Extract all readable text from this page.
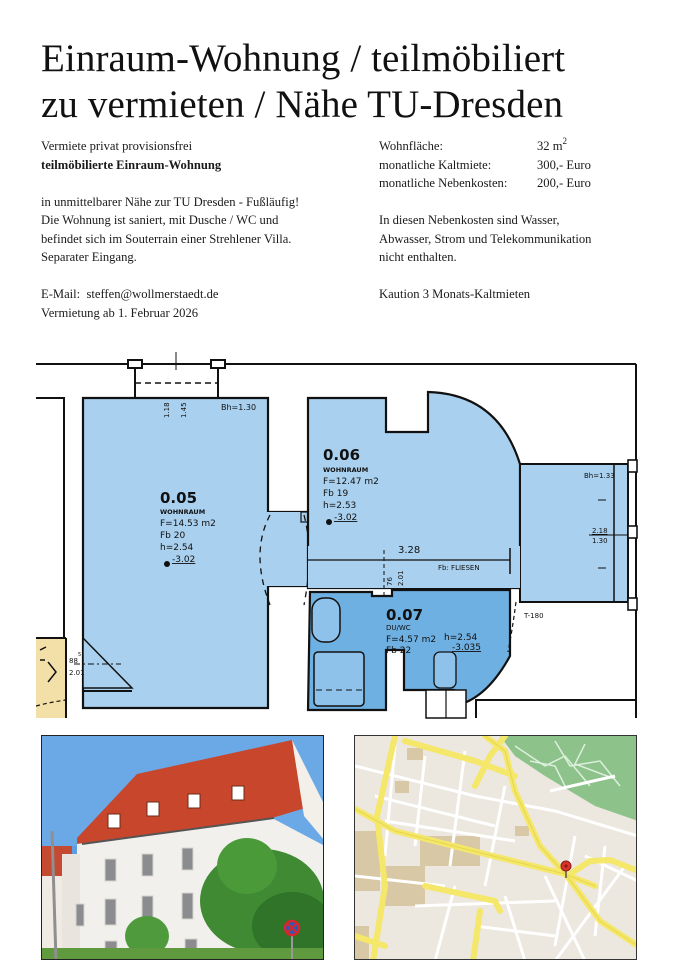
Einraum-Wohnung / teilmöbiliert
zu vermieten / Nähe TU-Dresden
Vermiete privat provisionsfrei
teilmöbilierte Einraum-Wohnung
in unmittelbarer Nähe zur TU Dresden - Fußläufig!
Die Wohnung ist saniert, mit Dusche / WC und
befindet sich im Souterrain einer Strehlener Villa.
Separater Eingang.
E-Mail: steffen@wollmerstaedt.de
Vermietung ab 1. Februar 2026
Wohnfläche:	32 $m^2$
monatliche Kaltmiete:	300,- Euro
monatliche Nebenkosten:	200,- Euro
In diesen Nebenkosten sind Wasser,
Abwasser, Strom und Telekommunikation
nicht enthalten.
Kaution 3 Monats-Kaltmieten
Bh=1.30
1.18 1.45
0.05
WOHNRAUM
F=14.53 m2
Fb 20
h=2.54
-3.02
0.06
WOHNRAUM
F=12.47 m2
Fb 19
h=2.53
-3.02
3.28
Fb: FLIESEN
76 2.01
0.07
DU/WC
F=4.57 m2
Fb 22
h=2.54
-3.035
Bh=1.33
2.18
1.30
T-180
88
5
2.01
